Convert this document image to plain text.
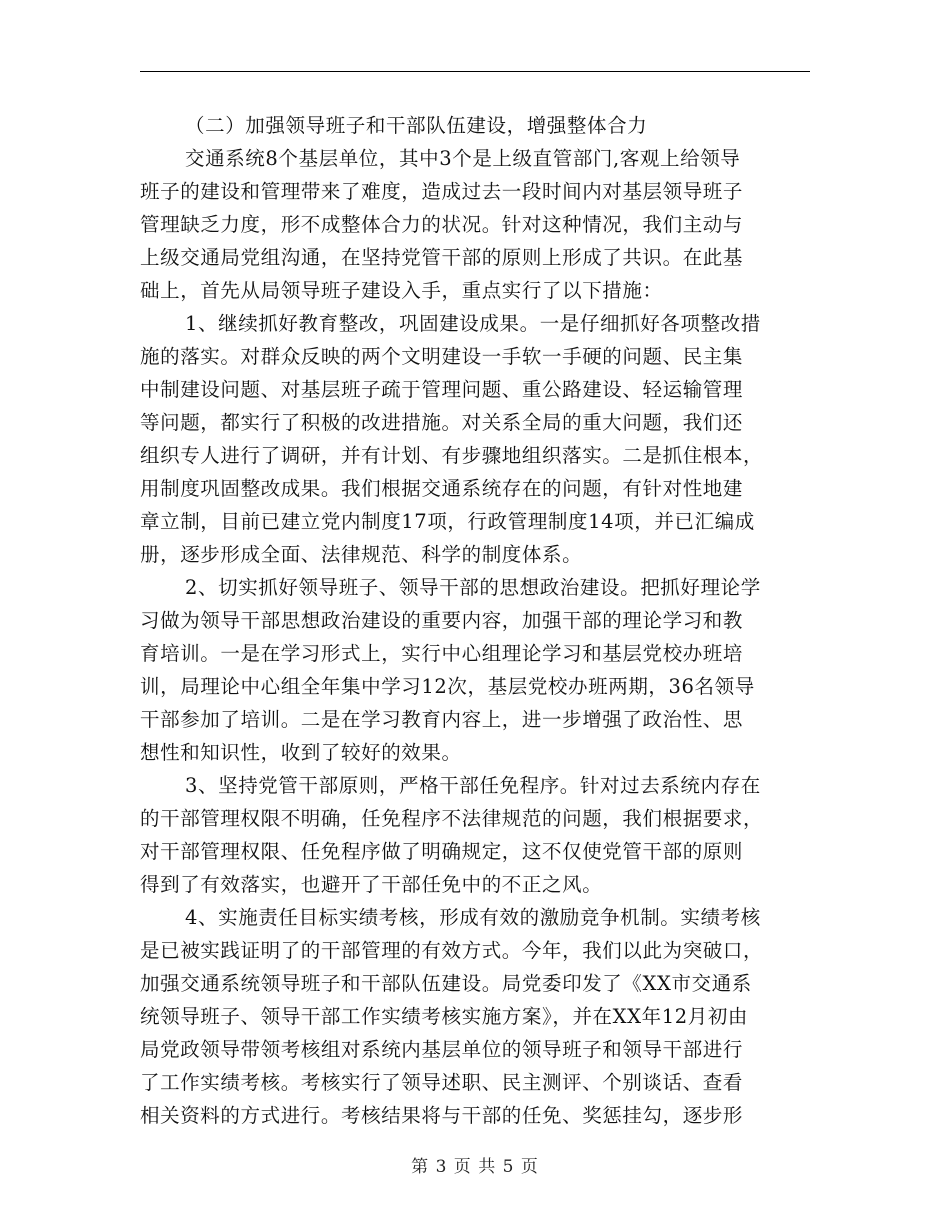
（二）加强领导班子和干部队伍建设，增强整体合力
交通系统8个基层单位，其中3个是上级直管部门,客观上给领导
班子的建设和管理带来了难度，造成过去一段时间内对基层领导班子
管理缺乏力度，形不成整体合力的状况。针对这种情况，我们主动与
上级交通局党组沟通，在坚持党管干部的原则上形成了共识。在此基
础上，首先从局领导班子建设入手，重点实行了以下措施：
1、继续抓好教育整改，巩固建设成果。一是仔细抓好各项整改措
施的落实。对群众反映的两个文明建设一手软一手硬的问题、民主集
中制建设问题、对基层班子疏于管理问题、重公路建设、轻运输管理
等问题，都实行了积极的改进措施。对关系全局的重大问题，我们还
组织专人进行了调研，并有计划、有步骤地组织落实。二是抓住根本，
用制度巩固整改成果。我们根据交通系统存在的问题，有针对性地建
章立制，目前已建立党内制度17项，行政管理制度14项，并已汇编成
册，逐步形成全面、法律规范、科学的制度体系。
2、切实抓好领导班子、领导干部的思想政治建设。把抓好理论学
习做为领导干部思想政治建设的重要内容，加强干部的理论学习和教
育培训。一是在学习形式上，实行中心组理论学习和基层党校办班培
训，局理论中心组全年集中学习12次，基层党校办班两期，36名领导
干部参加了培训。二是在学习教育内容上，进一步增强了政治性、思
想性和知识性，收到了较好的效果。
3、坚持党管干部原则，严格干部任免程序。针对过去系统内存在
的干部管理权限不明确，任免程序不法律规范的问题，我们根据要求，
对干部管理权限、任免程序做了明确规定，这不仅使党管干部的原则
得到了有效落实，也避开了干部任免中的不正之风。
4、实施责任目标实绩考核，形成有效的激励竞争机制。实绩考核
是已被实践证明了的干部管理的有效方式。今年，我们以此为突破口，
加强交通系统领导班子和干部队伍建设。局党委印发了《XX市交通系
统领导班子、领导干部工作实绩考核实施方案》，并在XX年12月初由
局党政领导带领考核组对系统内基层单位的领导班子和领导干部进行
了工作实绩考核。考核实行了领导述职、民主测评、个别谈话、查看
相关资料的方式进行。考核结果将与干部的任免、奖惩挂勾，逐步形
第 3 页 共 5 页
